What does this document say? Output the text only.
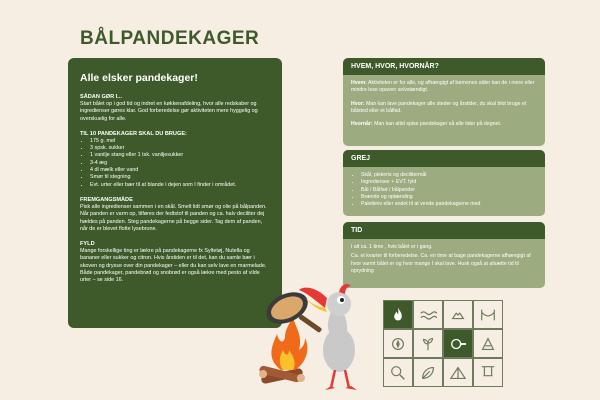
BÅLPANDEKAGER
Alle elsker pandekager!
SÅDAN GØR I...

Start bålet op i god tid og indret en køkkenafdeling, hvor alle redskaber og ingredienser gøres klar. God forberedelse gør aktiviteten mere hyggelig og overskuelig for alle.

TIL 10 PANDEKAGER SKAL DU BRUGE:
• 175 g. mel
• 3 spsk. sukker
• 1 vanilje stang eller 1 tsk. vaniljesukker
• 3-4 æg
• 4 dl mælk eller vand
• Smør til stegning
• Evt. urter eller bær til at blande i dejen som I finder i området.
FREMGANGSMÅDE

Pisk alle ingredienser sammen i en skål. Smelt lidt smør og olie på bålpanden. Når panden er varm op, tilføres der fedtstof til panden og ca. halv deciliter dej hældes på panden. Steg pandekagerne på begge sider. Tag dem af panden, når de er blevet flotte lysebrune.

FYLD

Mange forskellige ting er lækre på pandekagerne fx Syltetøj, Nutella og bananer eller sukker og citron. Hvis årstiden er til det, kan du samle bær i skoven og drysse over din pandekager – eller du kan selv lave en marmelade.

Både pandekager, pandebrød og snobrød er også lækre med pesto af vilde urter – se side 16.

HVEM, HVOR, HVORNÅR?

Hvem: Aktiviteten er for alle, og afhængigt af børnenes alder kan de i mere eller mindre lese opaven selvstændigt.

Hvor: Man kan lave pandekager alle steder og årstider, du skal blot bruge et bålsted eller et bålfad.

Hvornår: Man kan altid spise pandekager så alle tider på degnet.

GREJ
• Skål, piskeris og decilitermål
• Ingredienser + EVT. fyld
• Bål / Bålfad / bålpander
• Brænde og optænding
• Paletkniv eller andet til at vende pandekagerne med
TID

I alt ca. 1 time , hvis bålet er i gang.

Ca. et kvarter til forberedelse. Ca. en time at bage pandekagerne afhængigt af hvor varmt bålet er og hvor mange I skal lave. Husk også at afsætte tid til oprydning
